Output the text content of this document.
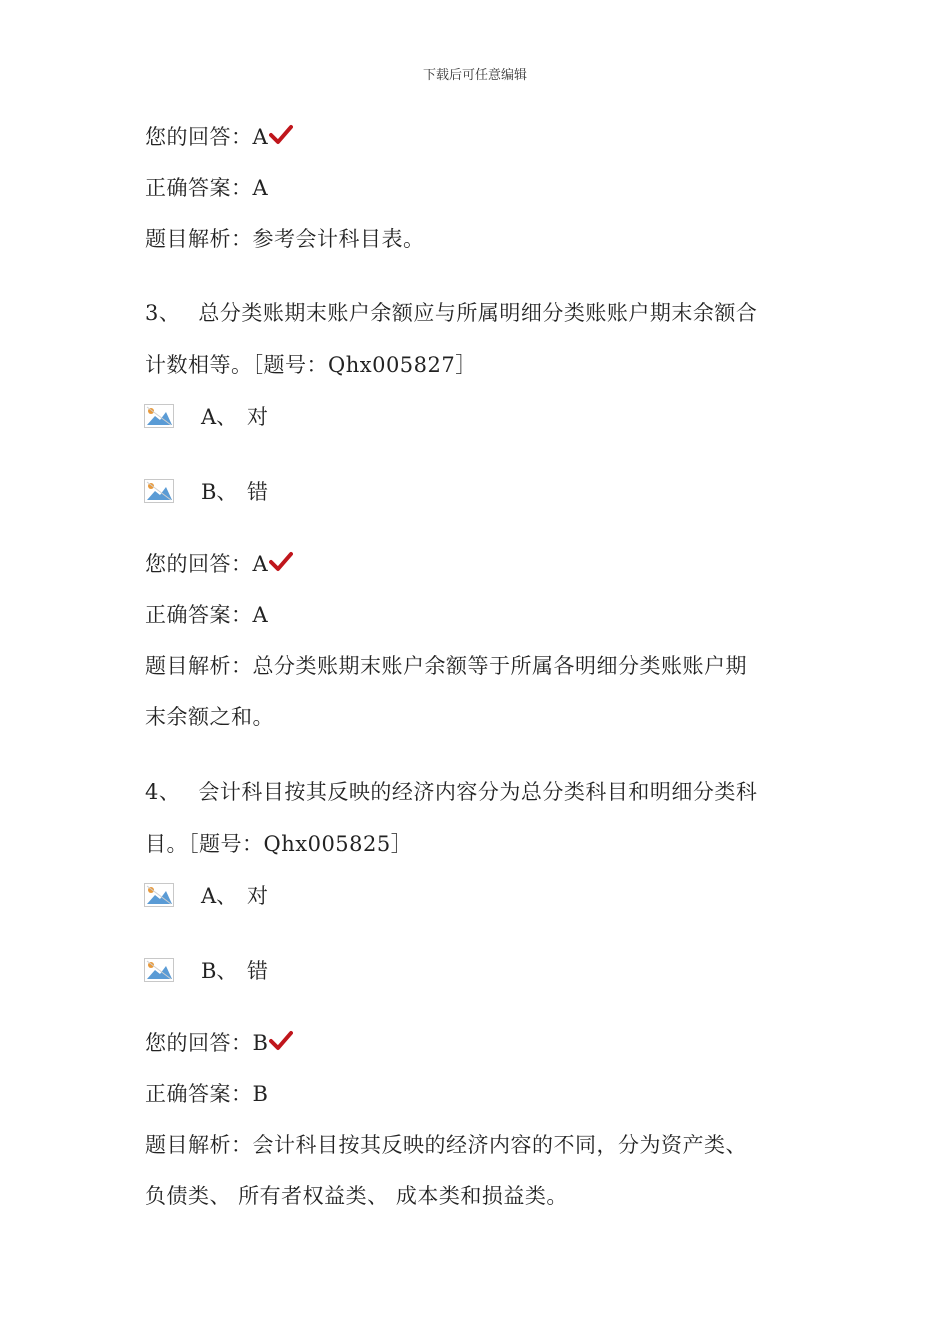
下载后可任意编辑
您的回答：A
正确答案：A
题目解析：参考会计科目表。
3、 总分类账期末账户余额应与所属明细分类账账户期末余额合
计数相等。［题号：Qhx005827］
A、 对
B、 错
您的回答：A
正确答案：A
题目解析：总分类账期末账户余额等于所属各明细分类账账户期
末余额之和。
4、 会计科目按其反映的经济内容分为总分类科目和明细分类科
目。［题号：Qhx005825］
A、 对
B、 错
您的回答：B
正确答案：B
题目解析：会计科目按其反映的经济内容的不同，分为资产类、
负债类、 所有者权益类、 成本类和损益类。
